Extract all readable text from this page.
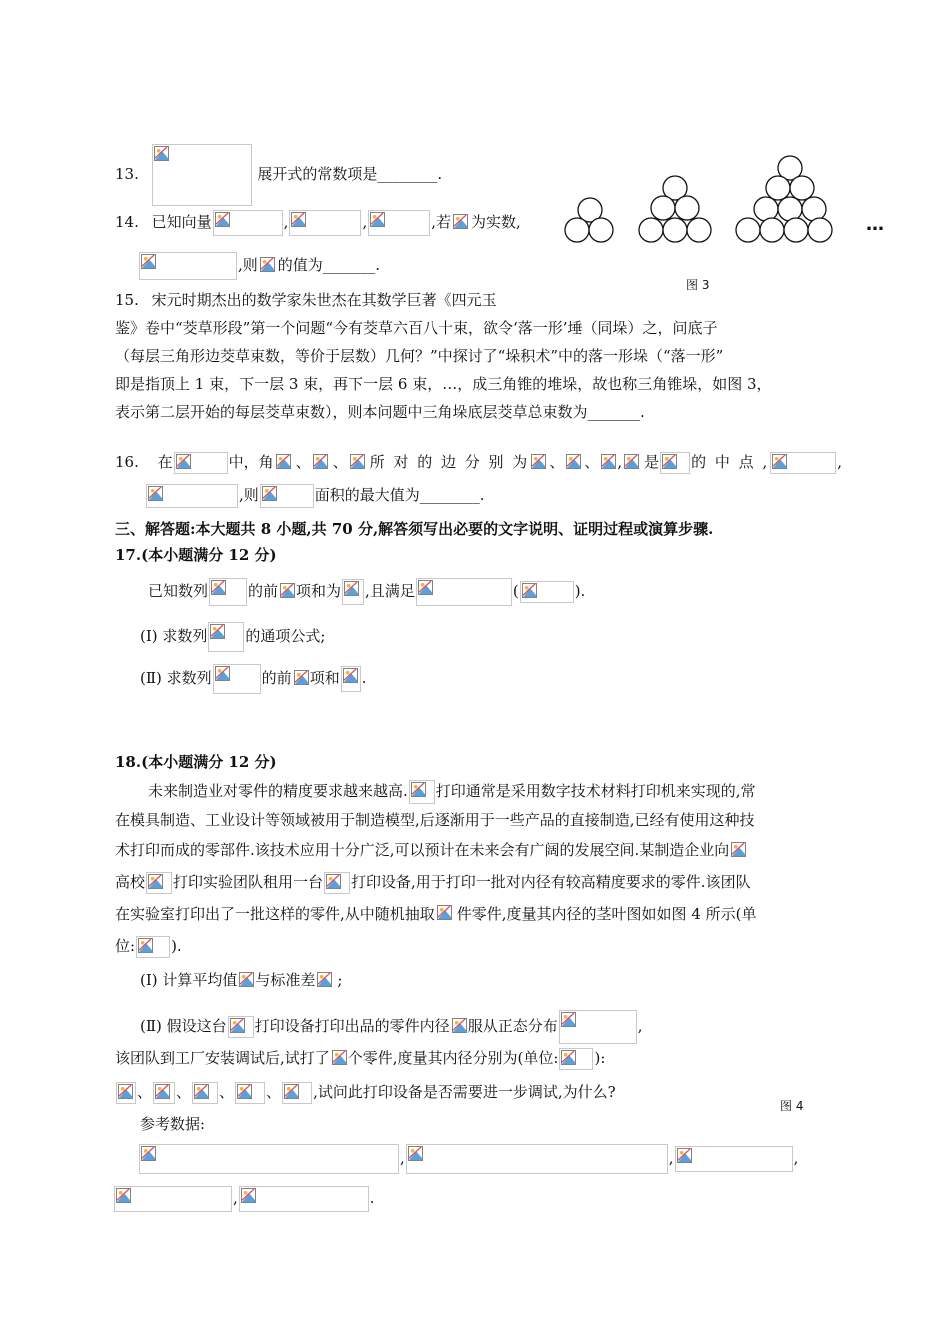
13.	展开式的常数项是________.
14. 已知向量	,	,	,若 为实数,
,则 的值为_______.
…
图 3
15. 宋元时期杰出的数学家朱世杰在其数学巨著《四元玉
鉴》卷中“茭草形段”第一个问题“今有茭草六百八十束，欲令‘落一形’埵（同垛）之，问底子
（每层三角形边茭草束数，等价于层数）几何？”中探讨了“垛积术”中的落一形垛（“落一形”
即是指顶上 1 束，下一层 3 束，再下一层 6 束，…，成三角锥的堆垛，故也称三角锥垛，如图 3，
表示第二层开始的每层茭草束数），则本问题中三角垛底层茭草总束数为_______.
16. 在	中，角 、 、 所 对 的 边 分 别 为 、 、 , 是 的 中 点 ,	,
,则	面积的最大值为________.
三、解答题:本大题共 8 小题,共 70 分,解答须写出必要的文字说明、证明过程或演算步骤.
17.(本小题满分 12 分)
已知数列	的前 项和为 ,且满足	(	).
(Ⅰ) 求数列	的通项公式;
(Ⅱ) 求数列	的前 项和 .
18.(本小题满分 12 分)
未来制造业对零件的精度要求越来越高. 打印通常是采用数字技术材料打印机来实现的,常
在模具制造、工业设计等领域被用于制造模型,后逐渐用于一些产品的直接制造,已经有使用这种技
术打印而成的零部件.该技术应用十分广泛,可以预计在未来会有广阔的发展空间.某制造企业向
高校 打印实验团队租用一台 打印设备,用于打印一批对内径有较高精度要求的零件.该团队
在实验室打印出了一批这样的零件,从中随机抽取 件零件,度量其内径的茎叶图如如图 4 所示(单
位: ).
(Ⅰ) 计算平均值 与标准差 ;
(Ⅱ) 假设这台 打印设备打印出品的零件内径 服从正态分布	,
该团队到工厂安装调试后,试打了 个零件,度量其内径分别为(单位: ):
、 、 、 、 ,试问此打印设备是否需要进一步调试,为什么?
图 4
参考数据:
,	,	,
,	.
